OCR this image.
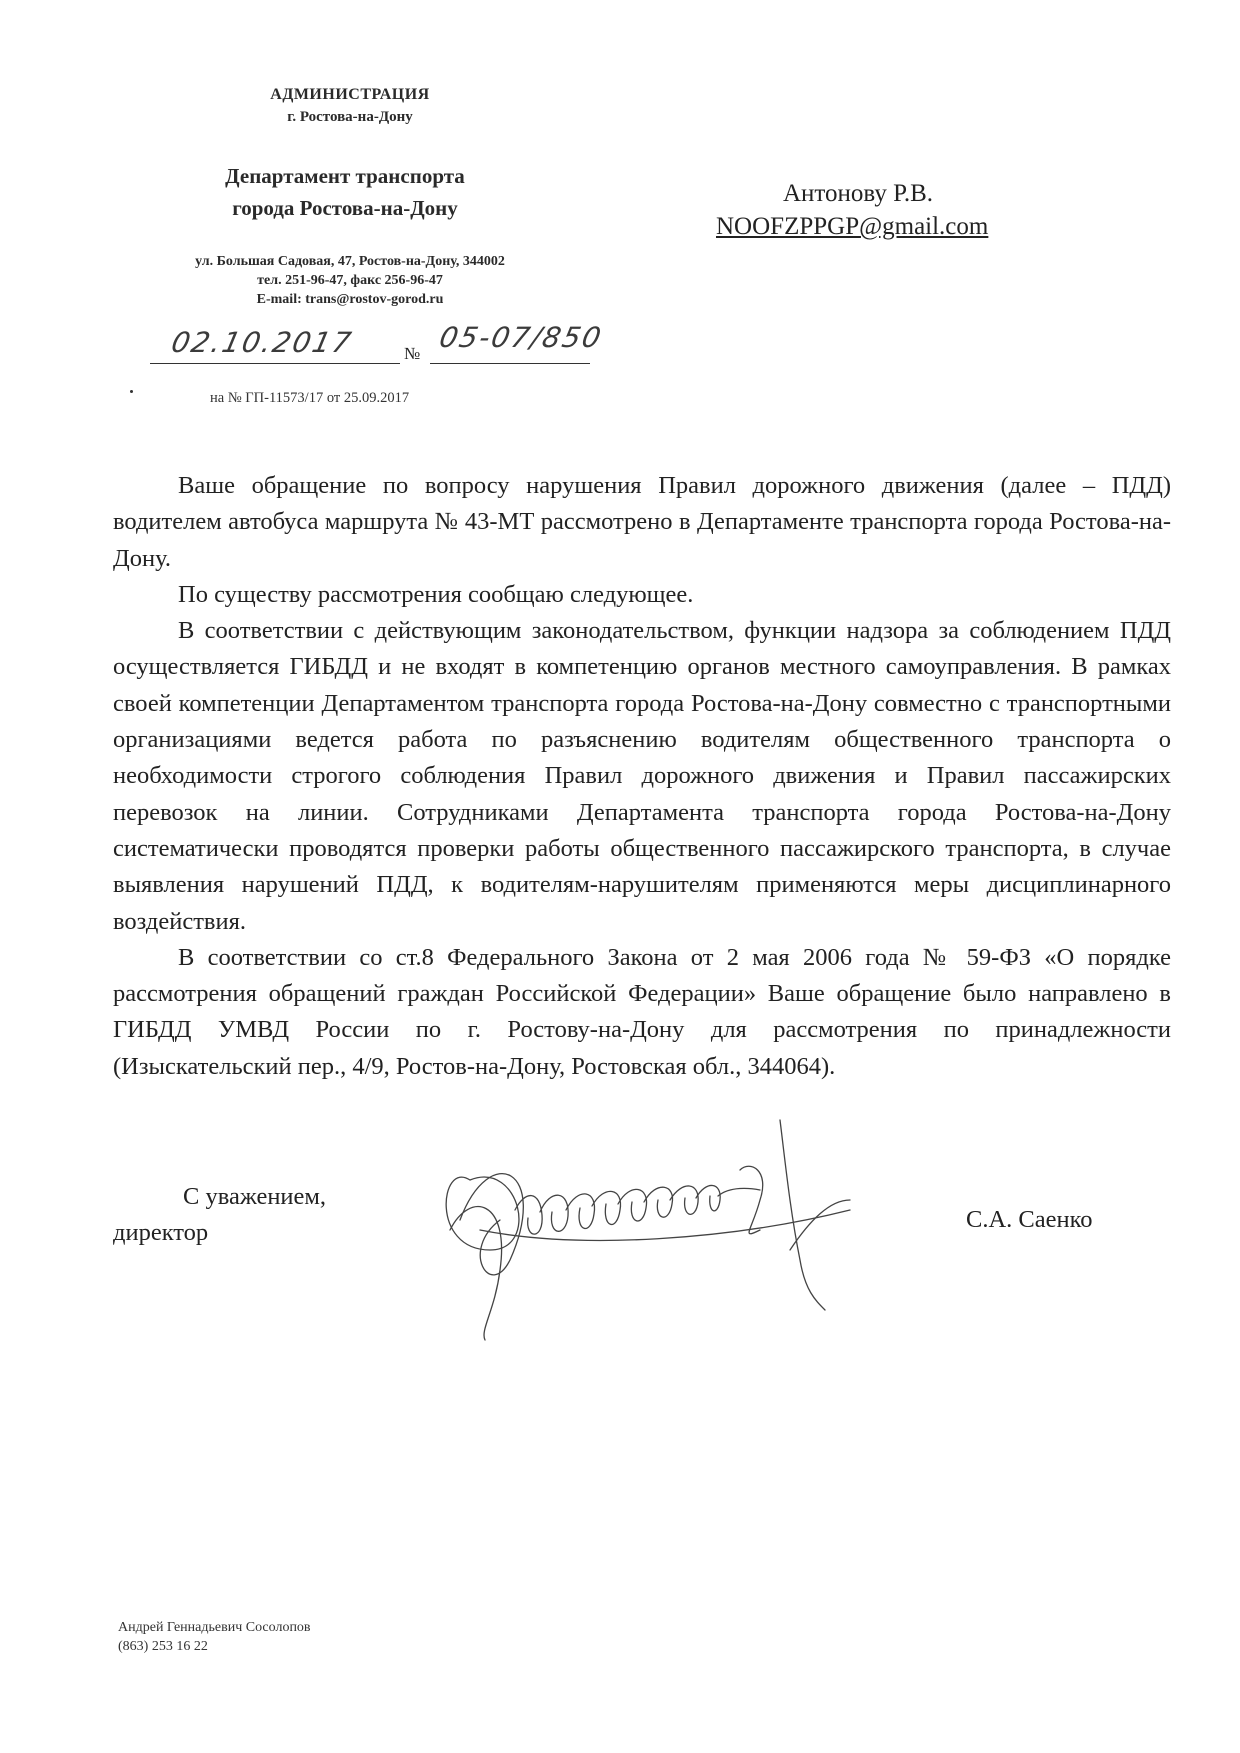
АДМИНИСТРАЦИЯ
г. Ростова-на-Дону
Департамент транспорта
города Ростова-на-Дону
ул. Большая Садовая, 47, Ростов-на-Дону, 344002
тел. 251-96-47, факс 256-96-47
E-mail: trans@rostov-gorod.ru
02.10.2017	№ 05-07/850
на № ГП-11573/17 от 25.09.2017
Антонову Р.В.
NOOFZPPGP@gmail.com

Ваше обращение по вопросу нарушения Правил дорожного движения (далее – ПДД) водителем автобуса маршрута № 43-МТ рассмотрено в Департаменте транспорта города Ростова-на-Дону.

По существу рассмотрения сообщаю следующее.

В соответствии с действующим законодательством, функции надзора за соблюдением ПДД осуществляется ГИБДД и не входят в компетенцию органов местного самоуправления. В рамках своей компетенции Департаментом транспорта города Ростова-на-Дону совместно с транспортными организациями ведется работа по разъяснению водителям общественного транспорта о необходимости строгого соблюдения Правил дорожного движения и Правил пассажирских перевозок на линии. Сотрудниками Департамента транспорта города Ростова-на-Дону систематически проводятся проверки работы общественного пассажирского транспорта, в случае выявления нарушений ПДД, к водителям-нарушителям применяются меры дисциплинарного воздействия.

В соответствии со ст.8 Федерального Закона от 2 мая 2006 года № 59-ФЗ «О порядке рассмотрения обращений граждан Российской Федерации» Ваше обращение было направлено в ГИБДД УМВД России по г. Ростову-на-Дону для рассмотрения по принадлежности (Изыскательский пер., 4/9, Ростов-на-Дону, Ростовская обл., 344064).

С уважением,
директор	С.А. Саенко
Андрей Геннадьевич Сосолопов
(863) 253 16 22
